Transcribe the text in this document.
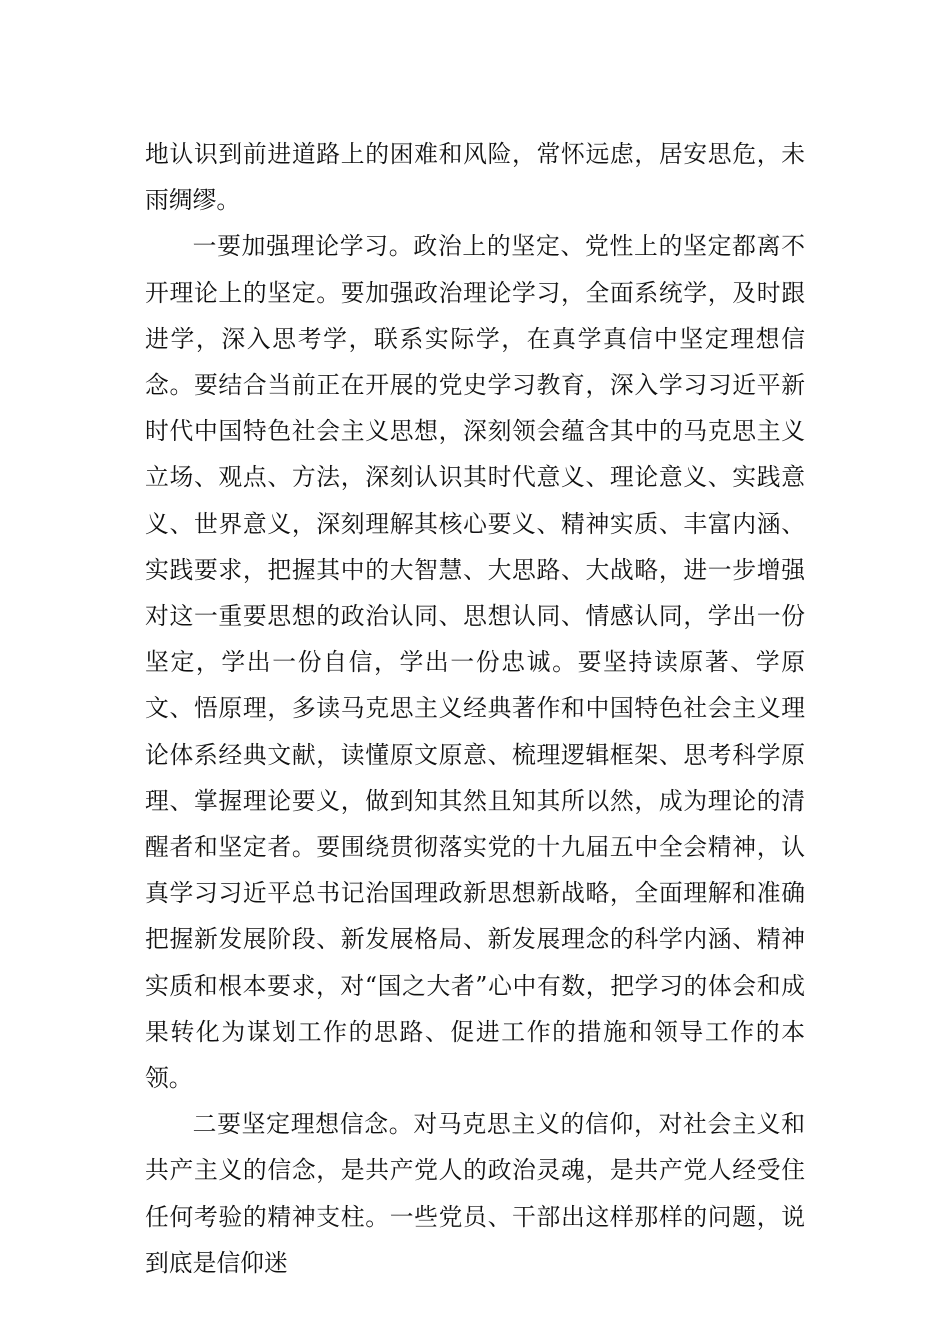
地认识到前进道路上的困难和风险，常怀远虑，居安思危，未雨绸缪。

一要加强理论学习。政治上的坚定、党性上的坚定都离不开理论上的坚定。要加强政治理论学习，全面系统学，及时跟进学，深入思考学，联系实际学，在真学真信中坚定理想信念。要结合当前正在开展的党史学习教育，深入学习习近平新时代中国特色社会主义思想，深刻领会蕴含其中的马克思主义立场、观点、方法，深刻认识其时代意义、理论意义、实践意义、世界意义，深刻理解其核心要义、精神实质、丰富内涵、实践要求，把握其中的大智慧、大思路、大战略，进一步增强对这一重要思想的政治认同、思想认同、情感认同，学出一份坚定，学出一份自信，学出一份忠诚。要坚持读原著、学原文、悟原理，多读马克思主义经典著作和中国特色社会主义理论体系经典文献，读懂原文原意、梳理逻辑框架、思考科学原理、掌握理论要义，做到知其然且知其所以然，成为理论的清醒者和坚定者。要围绕贯彻落实党的十九届五中全会精神，认真学习习近平总书记治国理政新思想新战略，全面理解和准确把握新发展阶段、新发展格局、新发展理念的科学内涵、精神实质和根本要求，对“国之大者”心中有数，把学习的体会和成果转化为谋划工作的思路、促进工作的措施和领导工作的本领。

二要坚定理想信念。对马克思主义的信仰，对社会主义和共产主义的信念，是共产党人的政治灵魂，是共产党人经受住任何考验的精神支柱。一些党员、干部出这样那样的问题，说到底是信仰迷
